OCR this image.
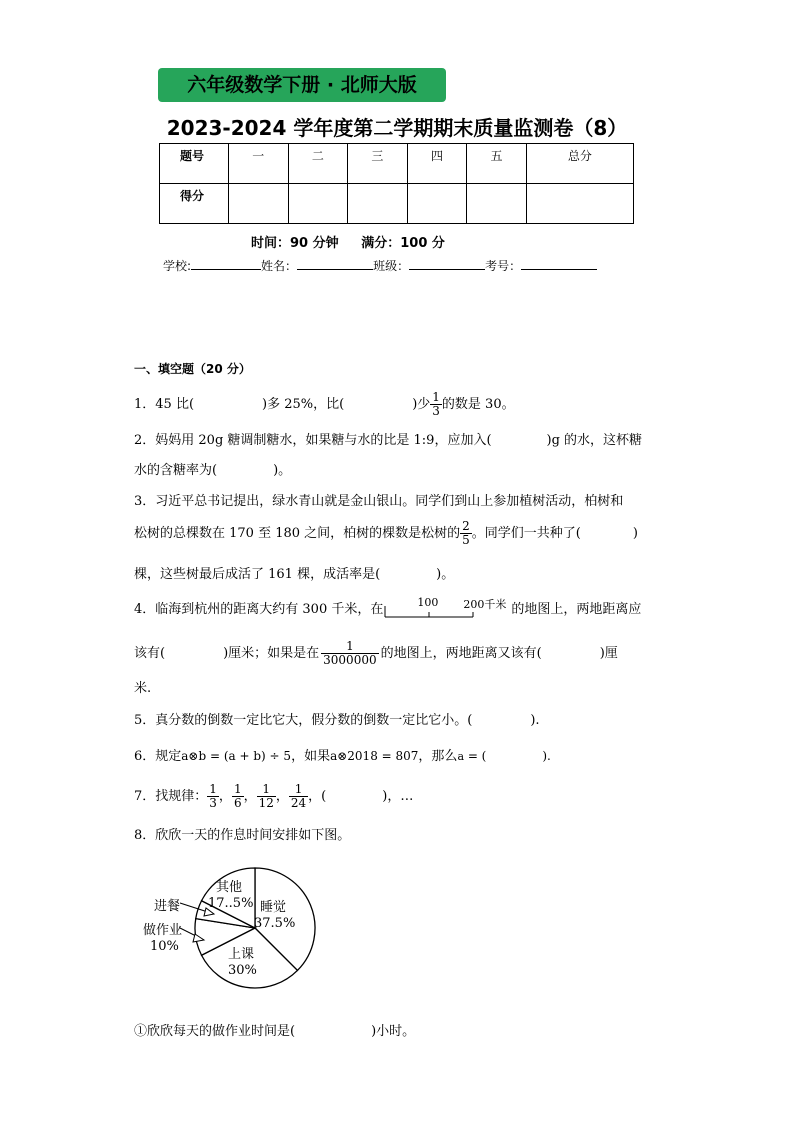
六年级数学下册 · 北师大版
2023-2024 学年度第二学期期末质量监测卷（8）
题号	一	二	三	四	五	总分
得分						
时间：90 分钟     满分：100 分
学校:	姓名：	班级：	考号：
一、填空题（20 分）
1．45 比(	)多 25%，比(	)少 $\frac{1}{3}$ 的数是 30。
2．妈妈用 20g 糖调制糖水，如果糖与水的比是 1:9，应加入(	)g 的水，这杯糖
水的含糖率为(	)。
3．习近平总书记提出，绿水青山就是金山银山。同学们到山上参加植树活动，柏树和
松树的总棵数在 170 至 180 之间，柏树的棵数是松树的 $\frac{2}{5}$ 。同学们一共种了(	)
棵，这些树最后成活了 161 棵，成活率是(	)。
4．临海到杭州的距离大约有 300 千米，在	100 200千米 的地图上，两地距离应
该有(	)厘米；如果是在 $\frac{1}{3000000}$ 的地图上，两地距离又该有(	)厘
米.
5．真分数的倒数一定比它大，假分数的倒数一定比它小。(	).
6．规定a⊗b = (a + b) ÷ 5，如果a⊗2018 = 807，那么a = (	).
7．找规律： $\frac{1}{3}$ ， $\frac{1}{6}$ ， $\frac{1}{12}$ ， $\frac{1}{24}$ ，(	)，…
8．欣欣一天的作息时间安排如下图。
其他
17..5% 睡觉
37.5%
上课
30%
进餐
做作业
10%
①欣欣每天的做作业时间是(	)小时。
